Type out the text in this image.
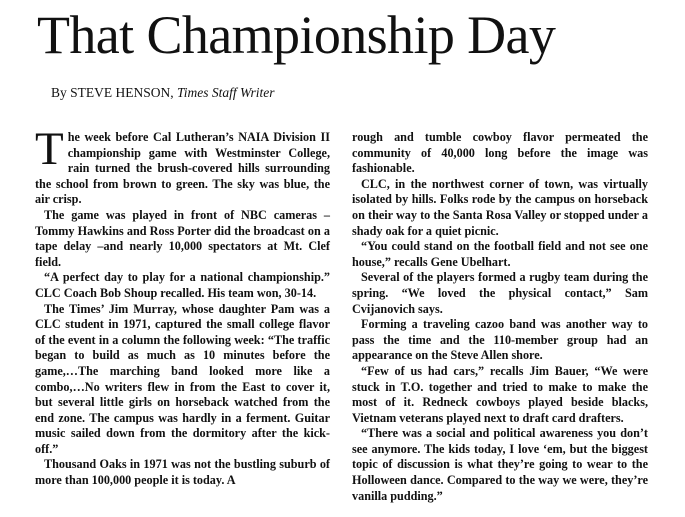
That Championship Day
By STEVE HENSON, Times Staff Writer

The week before Cal Lutheran’s NAIA Division II championship game with Westminster College, rain turned the brush-covered hills surrounding the school from brown to green. The sky was blue, the air crisp.

The game was played in front of NBC cameras – Tommy Hawkins and Ross Porter did the broadcast on a tape delay –and nearly 10,000 spectators at Mt. Clef field.

“A perfect day to play for a national championship.” CLC Coach Bob Shoup recalled. His team won, 30-14.

The Times’ Jim Murray, whose daughter Pam was a CLC student in 1971, captured the small college flavor of the event in a column the following week: “The traffic began to build as much as 10 minutes before the game,…The marching band looked more like a combo,…No writers flew in from the East to cover it, but several little girls on horseback watched from the end zone. The campus was hardly in a ferment. Guitar music sailed down from the dormitory after the kick-off.”

Thousand Oaks in 1971 was not the bustling suburb of more than 100,000 people it is today. A

rough and tumble cowboy flavor permeated the community of 40,000 long before the image was fashionable.

CLC, in the northwest corner of town, was virtually isolated by hills. Folks rode by the campus on horseback on their way to the Santa Rosa Valley or stopped under a shady oak for a quiet picnic.

“You could stand on the football field and not see one house,” recalls Gene Ubelhart.

Several of the players formed a rugby team during the spring. “We loved the physical contact,” Sam Cvijanovich says.

Forming a traveling cazoo band was another way to pass the time and the 110-member group had an appearance on the Steve Allen shore.

“Few of us had cars,” recalls Jim Bauer, “We were stuck in T.O. together and tried to make to make the most of it. Redneck cowboys played beside blacks, Vietnam veterans played next to draft card drafters.

“There was a social and political awareness you don’t see anymore. The kids today, I love ‘em, but the biggest topic of discussion is what they’re going to wear to the Holloween dance. Compared to the way we were, they’re vanilla pudding.”
